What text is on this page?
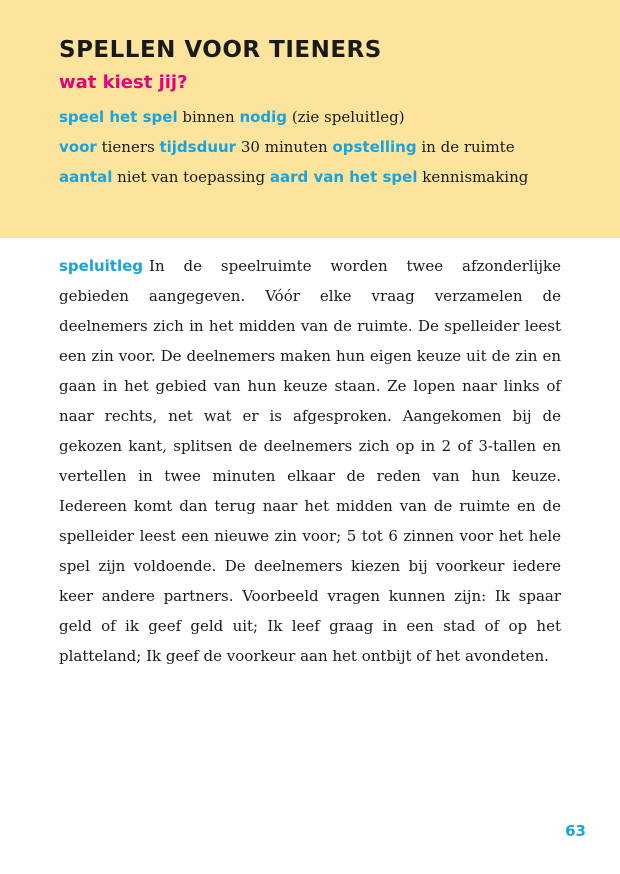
SPELLEN VOOR TIENERS
wat kiest jij?
speel het spel binnen nodig (zie speluitleg)
voor tieners tijdsduur 30 minuten opstelling in de ruimte
aantal niet van toepassing aard van het spel kennismaking

speluitleg In de speelruimte worden twee afzonderlijke gebieden aangegeven. Vóór elke vraag verzamelen de deelnemers zich in het midden van de ruimte. De spelleider leest een zin voor. De deelnemers maken hun eigen keuze uit de zin en gaan in het gebied van hun keuze staan. Ze lopen naar links of naar rechts, net wat er is afgesproken. Aangekomen bij de gekozen kant, splitsen de deelnemers zich op in 2 of 3-tallen en vertellen in twee minuten elkaar de reden van hun keuze. Iedereen komt dan terug naar het midden van de ruimte en de spelleider leest een nieuwe zin voor; 5 tot 6 zinnen voor het hele spel zijn voldoende. De deelnemers kiezen bij voorkeur iedere keer andere partners. Voorbeeld vragen kunnen zijn: Ik spaar geld of ik geef geld uit; Ik leef graag in een stad of op het platteland; Ik geef de voorkeur aan het ontbijt of het avondeten.

63
